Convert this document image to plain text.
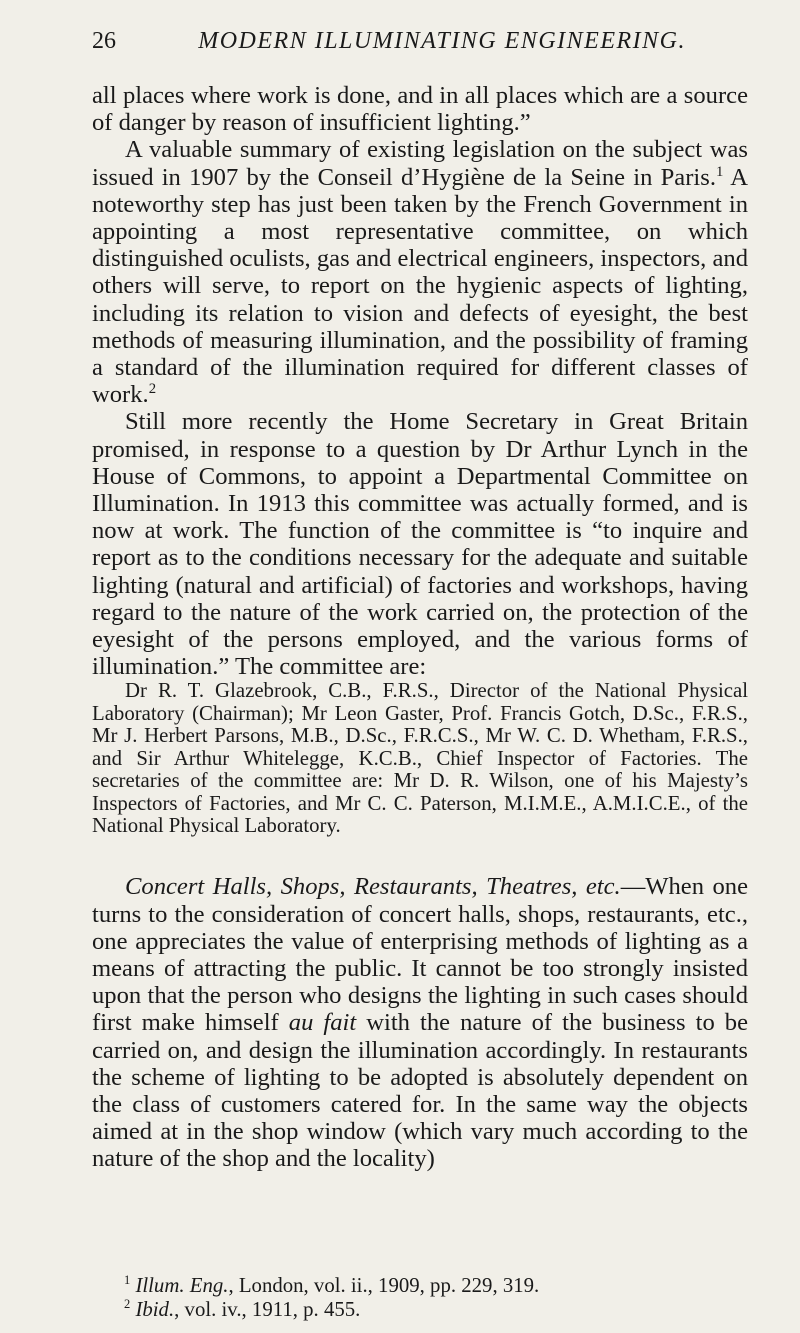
26	MODERN ILLUMINATING ENGINEERING.

all places where work is done, and in all places which are a source of danger by reason of insufficient lighting.”

A valuable summary of existing legislation on the subject was issued in 1907 by the Conseil d’Hygiène de la Seine in Paris.$^1$ A noteworthy step has just been taken by the French Government in appointing a most representative committee, on which distinguished oculists, gas and electrical engineers, inspectors, and others will serve, to report on the hygienic aspects of lighting, including its relation to vision and defects of eyesight, the best methods of measuring illumination, and the possibility of framing a standard of the illumination required for different classes of work.$^2$

Still more recently the Home Secretary in Great Britain promised, in response to a question by Dr Arthur Lynch in the House of Commons, to appoint a Departmental Committee on Illumination. In 1913 this committee was actually formed, and is now at work. The function of the committee is “to inquire and report as to the conditions necessary for the adequate and suitable lighting (natural and artificial) of factories and workshops, having regard to the nature of the work carried on, the protection of the eyesight of the persons employed, and the various forms of illumination.” The committee are:

Dr R. T. Glazebrook, C.B., F.R.S., Director of the National Physical Laboratory (Chairman); Mr Leon Gaster, Prof. Francis Gotch, D.Sc., F.R.S., Mr J. Herbert Parsons, M.B., D.Sc., F.R.C.S., Mr W. C. D. Whetham, F.R.S., and Sir Arthur Whitelegge, K.C.B., Chief Inspector of Factories. The secretaries of the committee are: Mr D. R. Wilson, one of his Majesty’s Inspectors of Factories, and Mr C. C. Paterson, M.I.M.E., A.M.I.C.E., of the National Physical Laboratory.

Concert Halls, Shops, Restaurants, Theatres, etc.—When one turns to the consideration of concert halls, shops, restaurants, etc., one appreciates the value of enterprising methods of lighting as a means of attracting the public. It cannot be too strongly insisted upon that the person who designs the lighting in such cases should first make himself au fait with the nature of the business to be carried on, and design the illumination accordingly. In restaurants the scheme of lighting to be adopted is absolutely dependent on the class of customers catered for. In the same way the objects aimed at in the shop window (which vary much according to the nature of the shop and the locality)

$^1$ Illum. Eng., London, vol. ii., 1909, pp. 229, 319.
$^2$ Ibid., vol. iv., 1911, p. 455.
